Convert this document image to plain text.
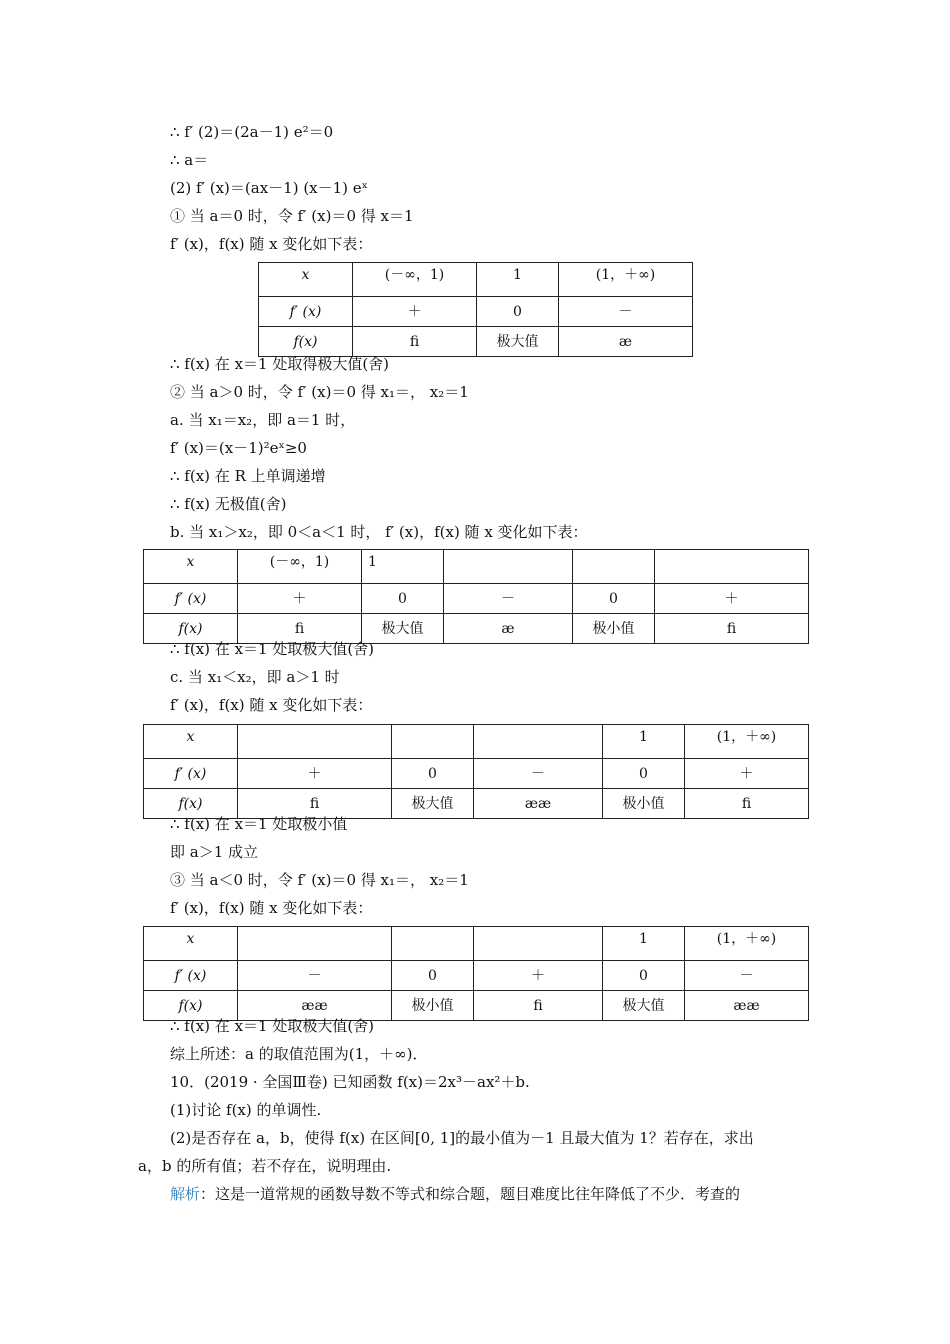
∴ f′ (2)＝(2a－1) e²＝0
∴ a＝
(2) f′ (x)＝(ax－1) (x－1) eˣ
① 当 a＝0 时，令 f′ (x)＝0 得 x＝1
f′ (x)，f(x) 随 x 变化如下表：
x	(－∞，1)	1	(1，＋∞)
f′ (x)	＋	0	－
f(x)	ﬁ	极大值	æ
∴ f(x) 在 x＝1 处取得极大值(舍)
② 当 a＞0 时，令 f′ (x)＝0 得 x₁＝， x₂＝1
a. 当 x₁＝x₂，即 a＝1 时，
f′ (x)＝(x－1)²eˣ≥0
∴ f(x) 在 R 上单调递增
∴ f(x) 无极值(舍)
b. 当 x₁＞x₂，即 0＜a＜1 时， f′ (x)，f(x) 随 x 变化如下表：
x	(－∞，1)	1			
f′ (x)	＋	0	－	0	＋
f(x)	ﬁ	极大值	æ	极小值	ﬁ
∴ f(x) 在 x＝1 处取极大值(舍)
c. 当 x₁＜x₂，即 a＞1 时
f′ (x)，f(x) 随 x 变化如下表：
x				1	(1，＋∞)
f′ (x)	＋	0	－	0	＋
f(x)	ﬁ	极大值	ææ	极小值	ﬁ
∴ f(x) 在 x＝1 处取极小值
即 a＞1 成立
③ 当 a＜0 时，令 f′ (x)＝0 得 x₁＝， x₂＝1
f′ (x)，f(x) 随 x 变化如下表：
x				1	(1，＋∞)
f′ (x)	－	0	＋	0	－
f(x)	ææ	极小值	ﬁ	极大值	ææ
∴ f(x) 在 x＝1 处取极大值(舍)
综上所述：a 的取值范围为(1，＋∞)．
10．(2019 · 全国Ⅲ卷) 已知函数 f(x)＝2x³－ax²＋b.
(1)讨论 f(x) 的单调性.
(2)是否存在 a，b，使得 f(x) 在区间[0, 1]的最小值为－1 且最大值为 1？若存在，求出
a，b 的所有值；若不存在，说明理由.
解析：这是一道常规的函数导数不等式和综合题，题目难度比往年降低了不少．考查的
